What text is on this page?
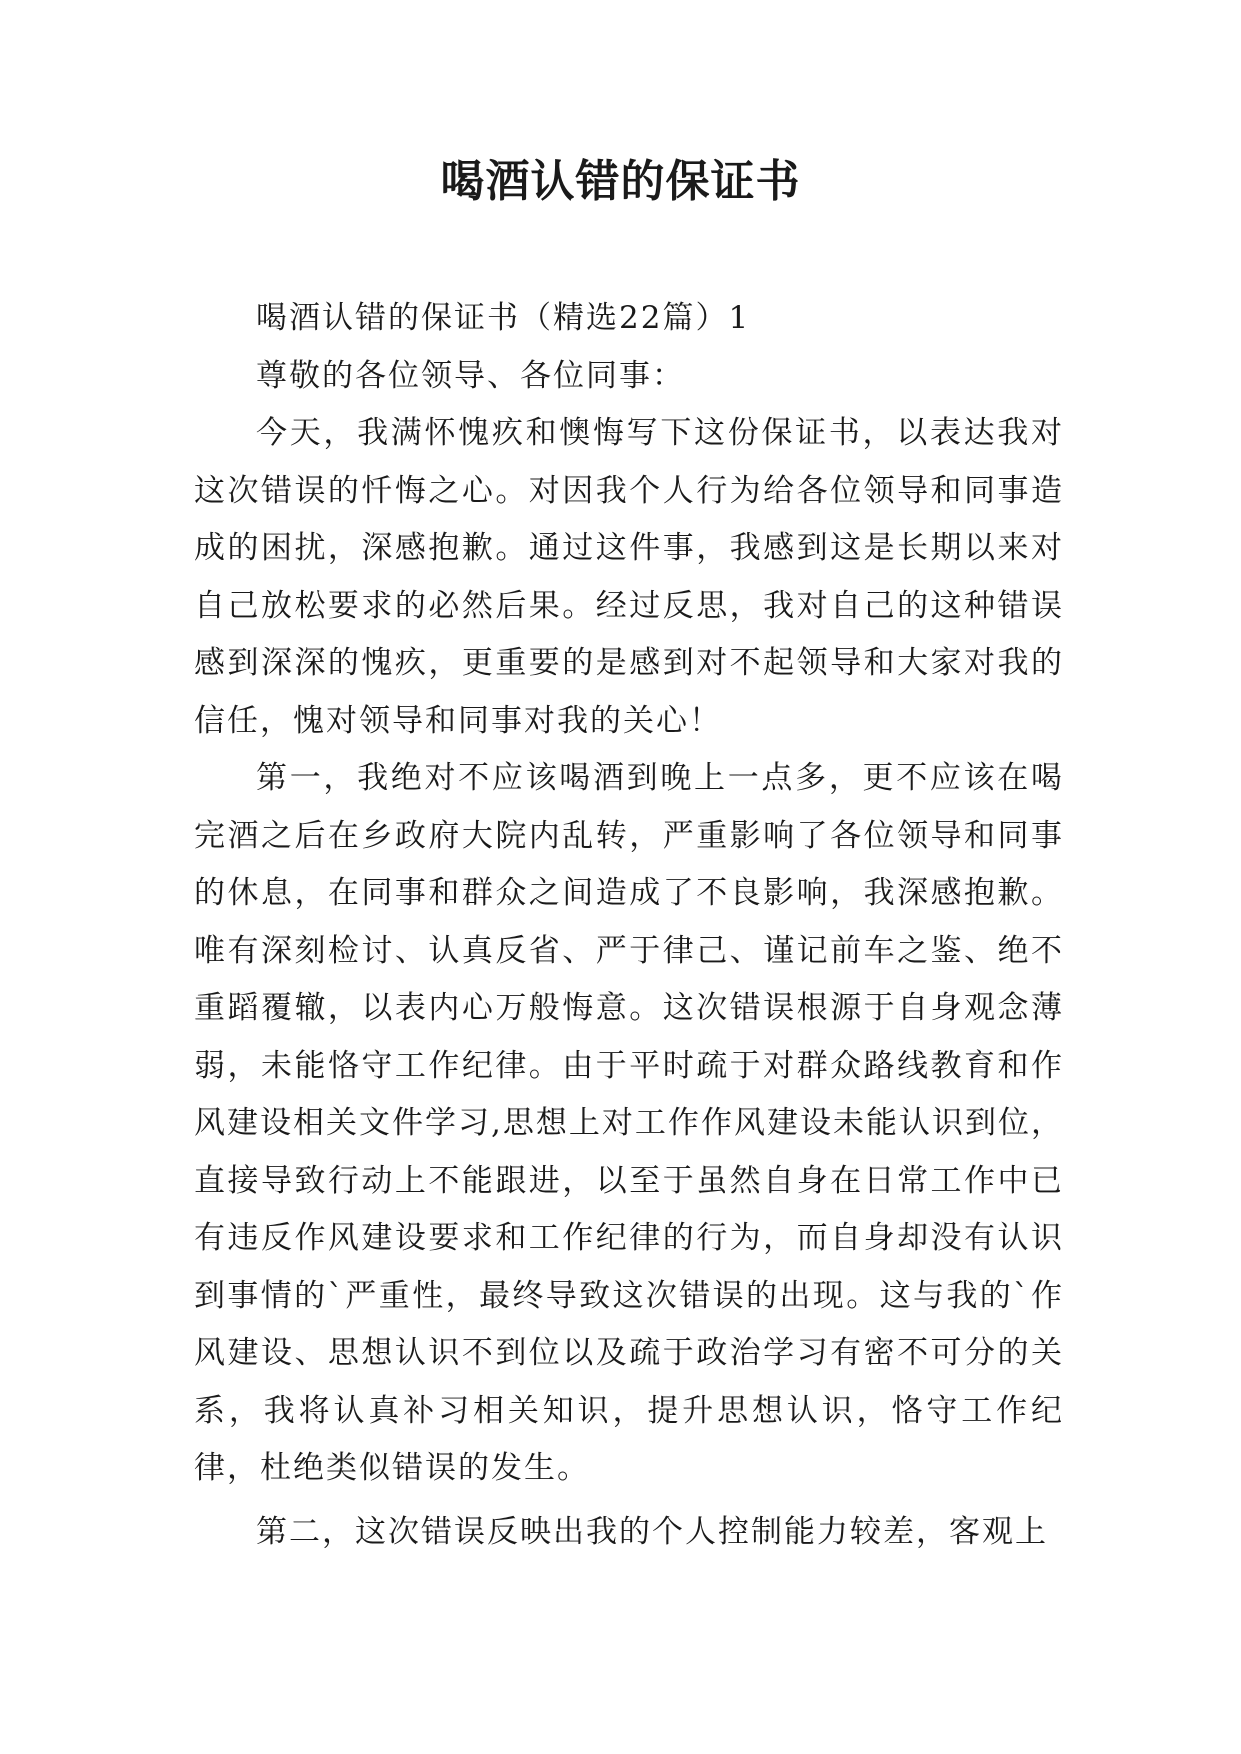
喝酒认错的保证书

喝酒认错的保证书（精选22篇）1

尊敬的各位领导、各位同事：

今天，我满怀愧疚和懊悔写下这份保证书，以表达我对这次错误的忏悔之心。对因我个人行为给各位领导和同事造成的困扰，深感抱歉。通过这件事，我感到这是长期以来对自己放松要求的必然后果。经过反思，我对自己的这种错误感到深深的愧疚，更重要的是感到对不起领导和大家对我的信任，愧对领导和同事对我的关心！

第一，我绝对不应该喝酒到晚上一点多，更不应该在喝完酒之后在乡政府大院内乱转，严重影响了各位领导和同事的休息，在同事和群众之间造成了不良影响，我深感抱歉。唯有深刻检讨、认真反省、严于律己、谨记前车之鉴、绝不重蹈覆辙，以表内心万般悔意。这次错误根源于自身观念薄弱，未能恪守工作纪律。由于平时疏于对群众路线教育和作风建设相关文件学习,思想上对工作作风建设未能认识到位，直接导致行动上不能跟进，以至于虽然自身在日常工作中已有违反作风建设要求和工作纪律的行为，而自身却没有认识到事情的`严重性，最终导致这次错误的出现。这与我的`作风建设、思想认识不到位以及疏于政治学习有密不可分的关系，我将认真补习相关知识，提升思想认识，恪守工作纪律，杜绝类似错误的发生。

第二，这次错误反映出我的个人控制能力较差，客观上
